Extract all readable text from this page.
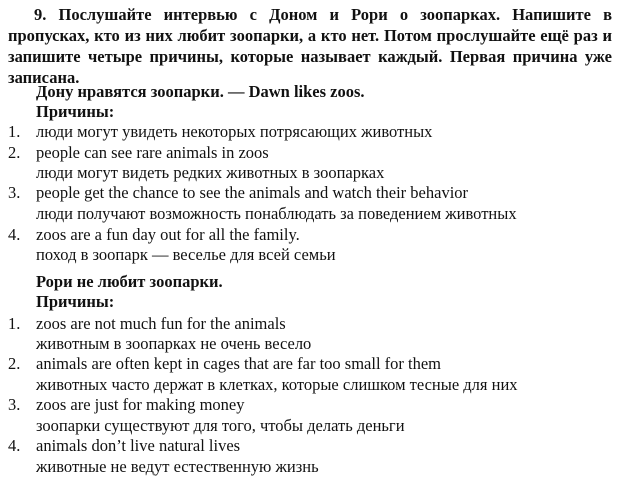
9. Послушайте интервью с Доном и Рори о зоопарках. Напишите в пропусках, кто из них любит зоопарки, а кто нет. Потом прослушайте ещё раз и запишите четыре причины, которые называет каждый. Первая причина уже записана.

Дону нравятся зоопарки. — Dawn likes zoos.
Причины:
1. люди могут увидеть некоторых потрясающих животных
2. people can see rare animals in zoos
люди могут видеть редких животных в зоопарках
3. people get the chance to see the animals and watch their behavior
люди получают возможность понаблюдать за поведением животных
4. zoos are a fun day out for all the family.
поход в зоопарк — веселье для всей семьи
Рори не любит зоопарки.
Причины:
1. zoos are not much fun for the animals
животным в зоопарках не очень весело
2. animals are often kept in cages that are far too small for them
животных часто держат в клетках, которые слишком тесные для них
3. zoos are just for making money
зоопарки существуют для того, чтобы делать деньги
4. animals don’t live natural lives
животные не ведут естественную жизнь
